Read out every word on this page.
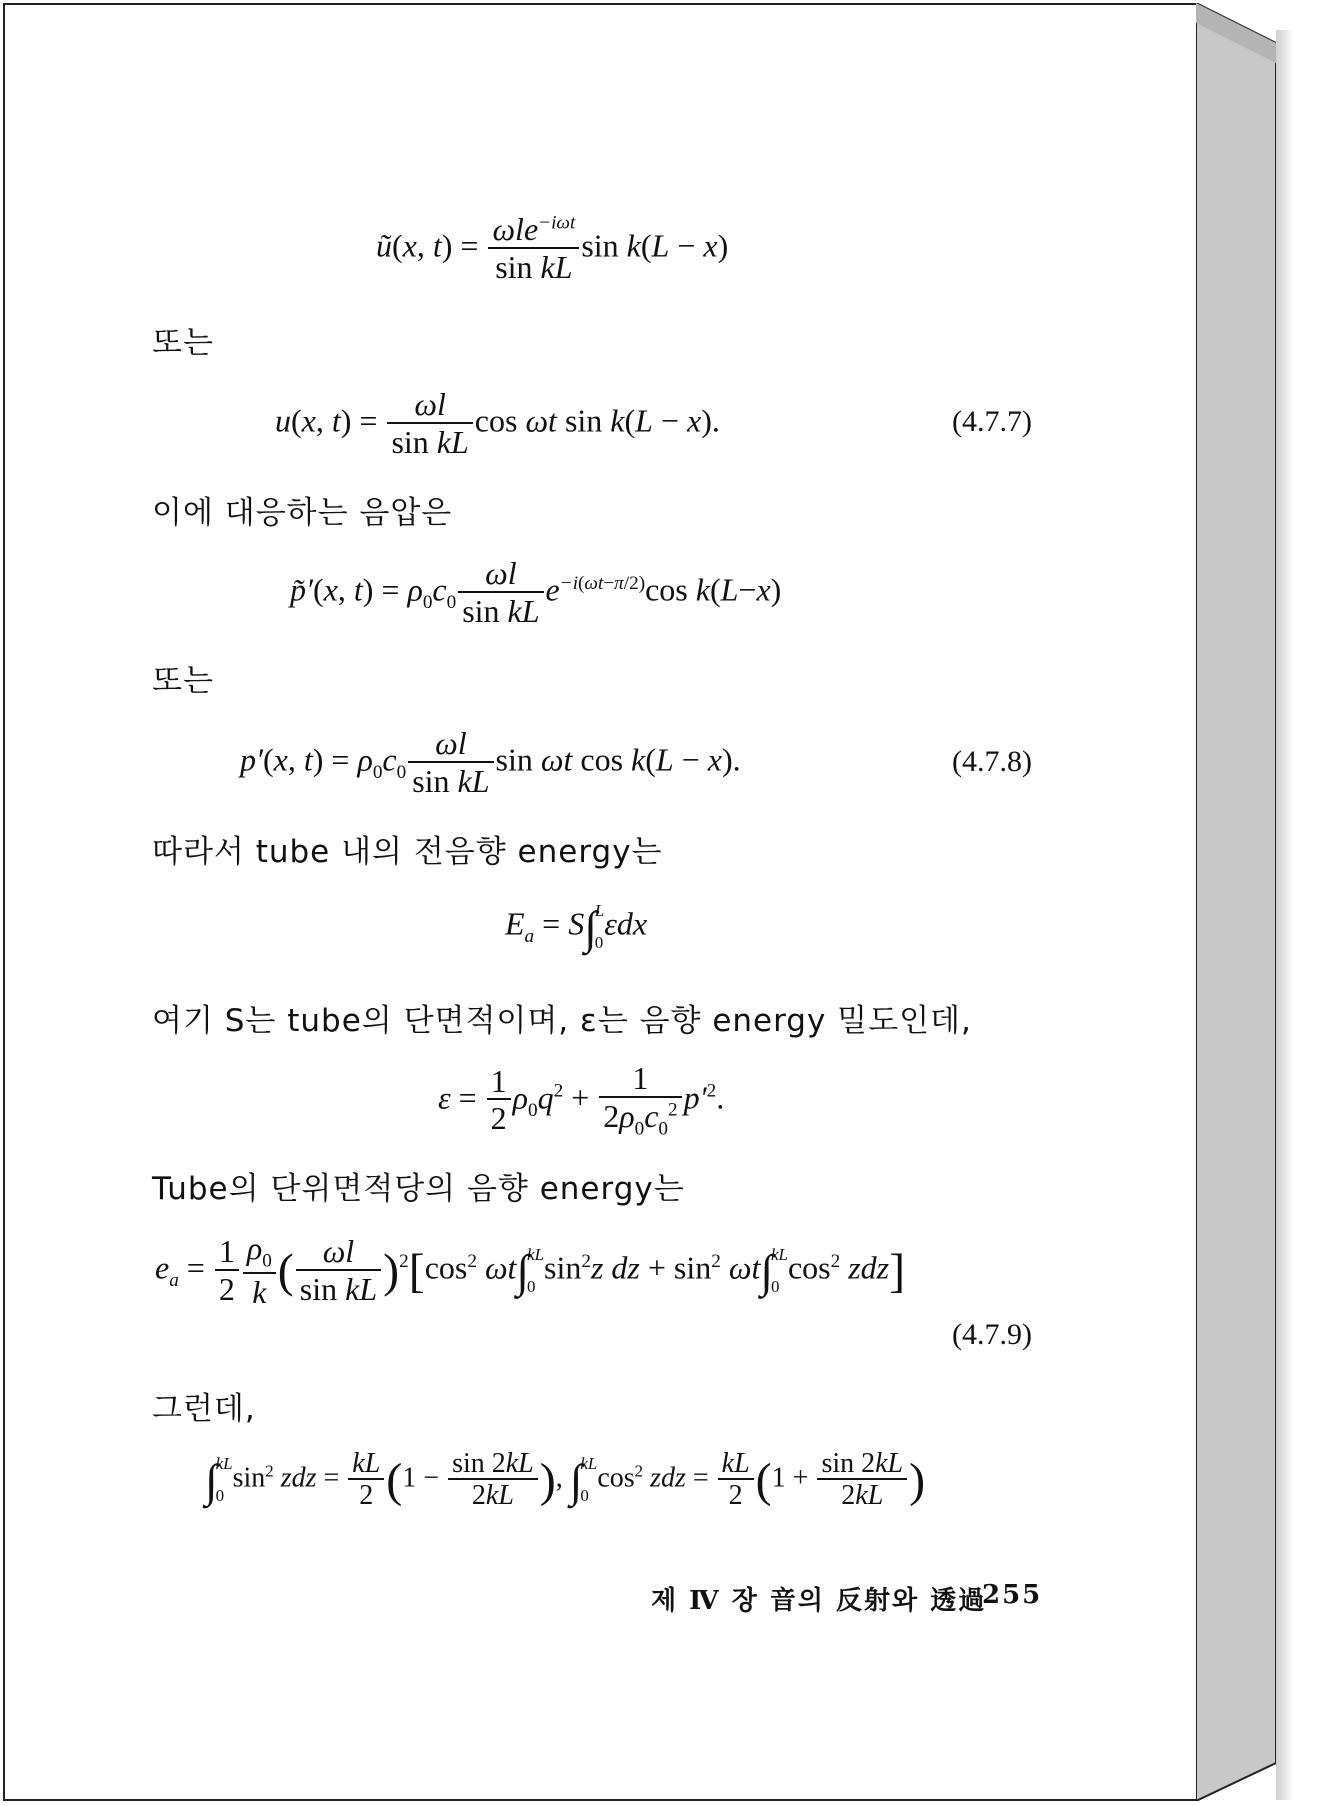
ũ(x, $t) = \frac{\omega le^{-i\omega t}}{\text{sin kL}}$ sin k(L − x)
또는
u(x, $t) = \frac{\omega l}{\text{sin kL}}$ cos ωt sin k(L − x).	(4.7.7)
이에 대응하는 음압은
p̃′(x, $t) = \rho_0c_0 \frac{\omega l}{\text{sin kL}} e^{-i(\omega t-\pi/2)}\cos$ k(L−x)
또는
p′(x, $t) = \rho_0c_0 \frac{\omega l}{\text{sin kL}}$ sin ωt cos k(L − x).	(4.7.8)
따라서 tube 내의 전음향 energy는
$E_a = S\int$
L
0
εdx
여기 S는 tube의 단면적이며, ε는 음향 energy 밀도인데,
$\varepsilon = \frac{1}{2} \rho_0q^2 + \frac{1}{2\rho_0c_0^2} p'^2$.
Tube의 단위면적당의 음향 energy는
$e_a = \frac{1}{2} \frac{\rho_0}{k}$ ( $\frac{\omega l}{\text{sin kL}} )^2[\cos^2$ ωt∫
kL
0
$\sin^2z$ dz + $\sin^2 \omega t\int$
kL
0
$\cos^2 zdz$]
(4.7.9)
그런데,
∫
kL
0
$\sin^2$ zdz = $\frac{kL}{2} (1 - \frac{\sin 2kL}{2kL}$ ), ∫
kL
0
$\cos^2$ zdz = $\frac{kL}{2} (1 + \frac{\sin 2kL}{2kL}$ )
제 Ⅳ 장 音의 反射와 透過
255
